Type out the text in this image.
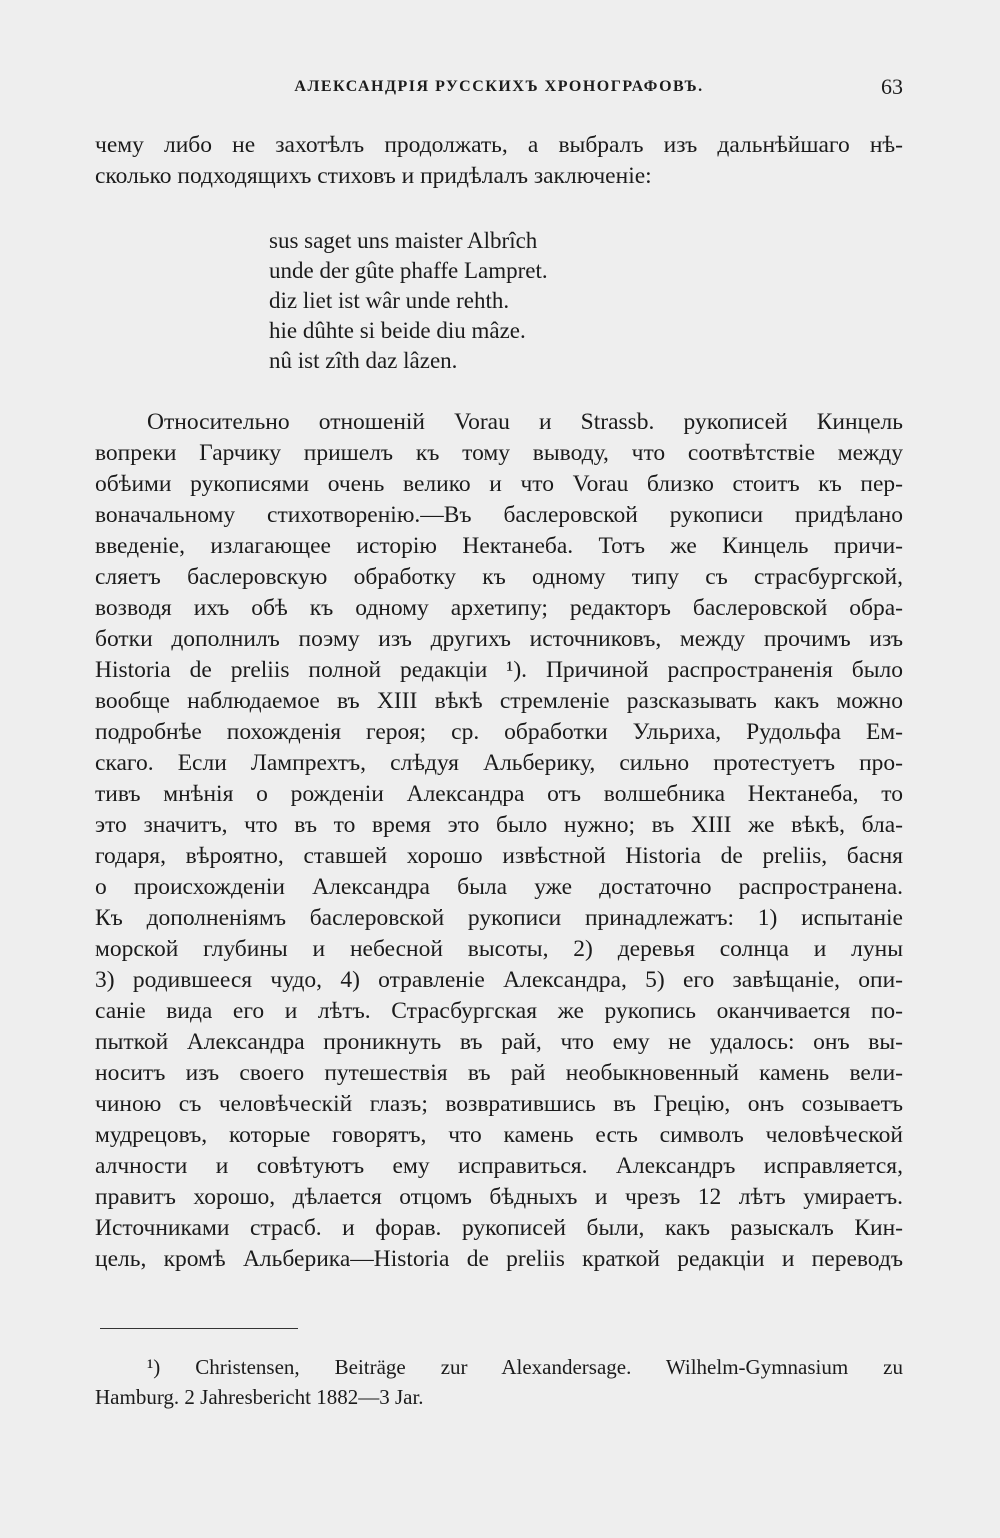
АЛЕКСАНДРІЯ РУССКИХЪ ХРОНОГРАФОВЪ.	63
чему либо не захотѣлъ продолжать, а выбралъ изъ дальнѣйшаго нѣ-
сколько подходящихъ стиховъ и придѣлалъ заключеніе:
sus saget uns maister Albrîch
unde der gûte phaffe Lampret.
diz liet ist wâr unde rehth.
hie dûhte si beide diu mâze.
nû ist zîth daz lâzen.
Относительно отношеній Vorau и Strassb. рукописей Кинцель
вопреки Гарчику пришелъ къ тому выводу, что соотвѣтствіе между
обѣими рукописями очень велико и что Vorau близко стоитъ къ пер-
воначальному стихотворенію.—Въ баслеровской рукописи придѣлано
введеніе, излагающее исторію Нектанеба. Тотъ же Кинцель причи-
сляетъ баслеровскую обработку къ одному типу съ страсбургской,
возводя ихъ обѣ къ одному архетипу; редакторъ баслеровской обра-
ботки дополнилъ поэму изъ другихъ источниковъ, между прочимъ изъ
Historia de preliis полной редакціи ¹). Причиной распространенія было
вообще наблюдаемое въ XIII вѣкѣ стремленіе разсказывать какъ можно
подробнѣе похожденія героя; ср. обработки Ульриха, Рудольфа Ем-
скаго. Если Лампрехтъ, слѣдуя Альберику, сильно протестуетъ про-
тивъ мнѣнія о рожденіи Александра отъ волшебника Нектанеба, то
это значитъ, что въ то время это было нужно; въ XIII же вѣкѣ, бла-
годаря, вѣроятно, ставшей хорошо извѣстной Historia de preliis, басня
о происхожденіи Александра была уже достаточно распространена.
Къ дополненіямъ баслеровской рукописи принадлежатъ: 1) испытаніе
морской глубины и небесной высоты, 2) деревья солнца и луны
3) родившееся чудо, 4) отравленіе Александра, 5) его завѣщаніе, опи-
саніе вида его и лѣтъ. Страсбургская же рукопись оканчивается по-
пыткой Александра проникнуть въ рай, что ему не удалось: онъ вы-
носитъ изъ своего путешествія въ рай необыкновенный камень вели-
чиною съ человѣческій глазъ; возвратившись въ Грецію, онъ созываетъ
мудрецовъ, которые говорятъ, что камень есть символъ человѣческой
алчности и совѣтуютъ ему исправиться. Александръ исправляется,
правитъ хорошо, дѣлается отцомъ бѣдныхъ и чрезъ 12 лѣтъ умираетъ.
Источниками страсб. и форав. рукописей были, какъ разыскалъ Кин-
цель, кромѣ Альберика—Historia de preliis краткой редакціи и переводъ
¹) Christensen, Beiträge zur Alexandersage. Wilhelm-Gymnasium zu
Hamburg. 2 Jahresbericht 1882—3 Jar.
